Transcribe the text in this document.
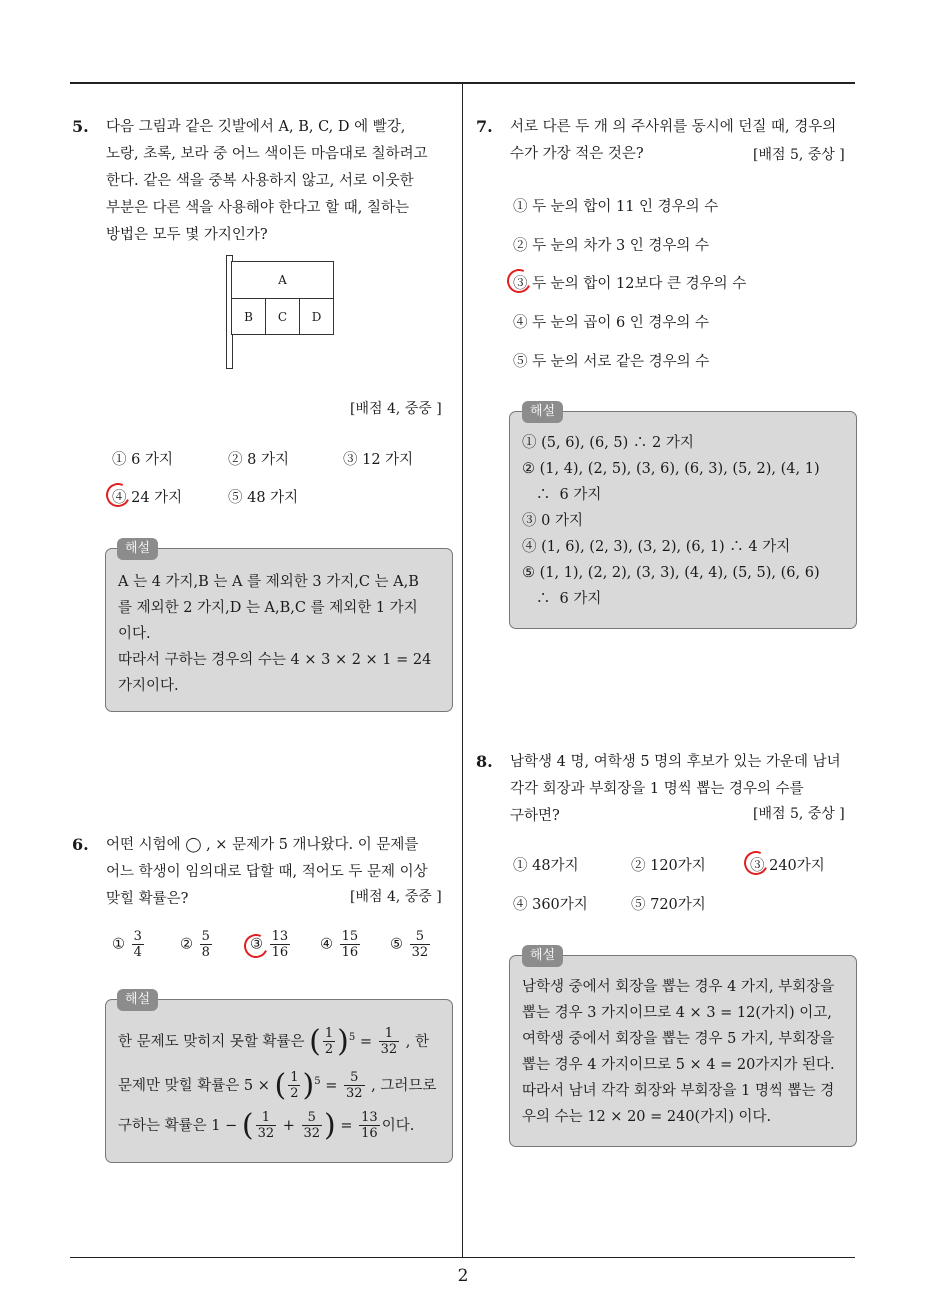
5. 다음 그림과 같은 깃발에서 A, B, C, D 에 빨강,
노랑, 초록, 보라 중 어느 색이든 마음대로 칠하려고
한다. 같은 색을 중복 사용하지 않고, 서로 이웃한
부분은 다른 색을 사용해야 한다고 할 때, 칠하는
방법은 모두 몇 가지인가?
A
B	C	D
[배점 4, 중중 ]
① 6 가지	② 8 가지	③ 12 가지
④ 24 가지	⑤ 48 가지
A 는 4 가지,B 는 A 를 제외한 3 가지,C 는 A,B
를 제외한 2 가지,D 는 A,B,C 를 제외한 1 가지
이다.
따라서 구하는 경우의 수는 4 × 3 × 2 × 1 = 24
가지이다.
해설
6. 어떤 시험에 ◯ , × 문제가 5 개나왔다. 이 문제를
어느 학생이 임의대로 답할 때, 적어도 두 문제 이상
맞힐 확률은?	[배점 4, 중중 ]
① $\frac{3}{4}$ ② $\frac{5}{8}$	③ $\frac{13}{16}$ ④ $\frac{15}{16}$ ⑤ $\frac{5}{32}$
한 문제도 맞히지 못할 확률은 ( $\frac{1}{2} )^5 = \frac{1}{32}$ , 한
문제만 맞힐 확률은 5 × ( $\frac{1}{2} )^5 = \frac{5}{32}$ , 그러므로
구하는 확률은 1 − ( $\frac{1}{32} + \frac{5}{32}$ ) = $\frac{13}{16}$ 이다.
해설
7. 서로 다른 두 개 의 주사위를 동시에 던질 때, 경우의
수가 가장 적은 것은?	[배점 5, 중상 ]
① 두 눈의 합이 11 인 경우의 수
② 두 눈의 차가 3 인 경우의 수
③ 두 눈의 합이 12보다 큰 경우의 수
④ 두 눈의 곱이 6 인 경우의 수
⑤ 두 눈의 서로 같은 경우의 수
① (5, 6), (6, 5) ∴ 2 가지
② (1, 4), (2, 5), (3, 6), (6, 3), (5, 2), (4, 1)
∴  6 가지
③ 0 가지
④ (1, 6), (2, 3), (3, 2), (6, 1) ∴ 4 가지
⑤ (1, 1), (2, 2), (3, 3), (4, 4), (5, 5), (6, 6)
∴  6 가지
해설
8. 남학생 4 명, 여학생 5 명의 후보가 있는 가운데 남녀
각각 회장과 부회장을 1 명씩 뽑는 경우의 수를
구하면?	[배점 5, 중상 ]
① 48가지	② 120가지	③ 240가지
④ 360가지	⑤ 720가지
남학생 중에서 회장을 뽑는 경우 4 가지, 부회장을
뽑는 경우 3 가지이므로 4 × 3 = 12(가지) 이고,
여학생 중에서 회장을 뽑는 경우 5 가지, 부회장을
뽑는 경우 4 가지이므로 5 × 4 = 20가지가 된다.
따라서 남녀 각각 회장와 부회장을 1 명씩 뽑는 경
우의 수는 12 × 20 = 240(가지) 이다.
해설
2
